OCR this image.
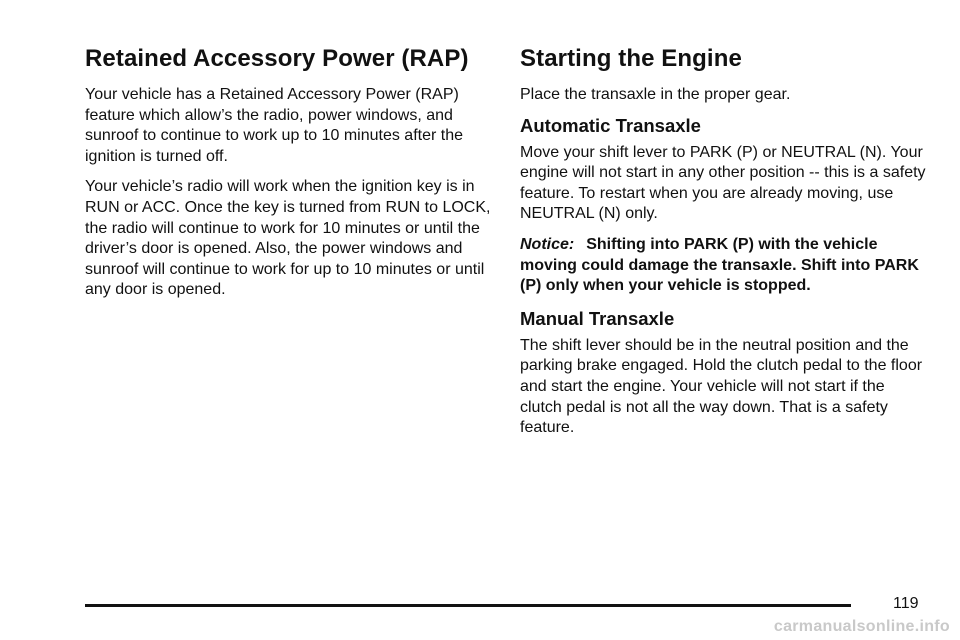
Retained Accessory Power (RAP)

Your vehicle has a Retained Accessory Power (RAP) feature which allow’s the radio, power windows, and sunroof to continue to work up to 10 minutes after the ignition is turned off.

Your vehicle’s radio will work when the ignition key is in RUN or ACC. Once the key is turned from RUN to LOCK, the radio will continue to work for 10 minutes or until the driver’s door is opened. Also, the power windows and sunroof will continue to work for up to 10 minutes or until any door is opened.

Starting the Engine

Place the transaxle in the proper gear.

Automatic Transaxle

Move your shift lever to PARK (P) or NEUTRAL (N). Your engine will not start in any other position -- this is a safety feature. To restart when you are already moving, use NEUTRAL (N) only.

Notice: Shifting into PARK (P) with the vehicle moving could damage the transaxle. Shift into PARK (P) only when your vehicle is stopped.

Manual Transaxle

The shift lever should be in the neutral position and the parking brake engaged. Hold the clutch pedal to the floor and start the engine. Your vehicle will not start if the clutch pedal is not all the way down. That is a safety feature.

119
carmanualsonline.info
